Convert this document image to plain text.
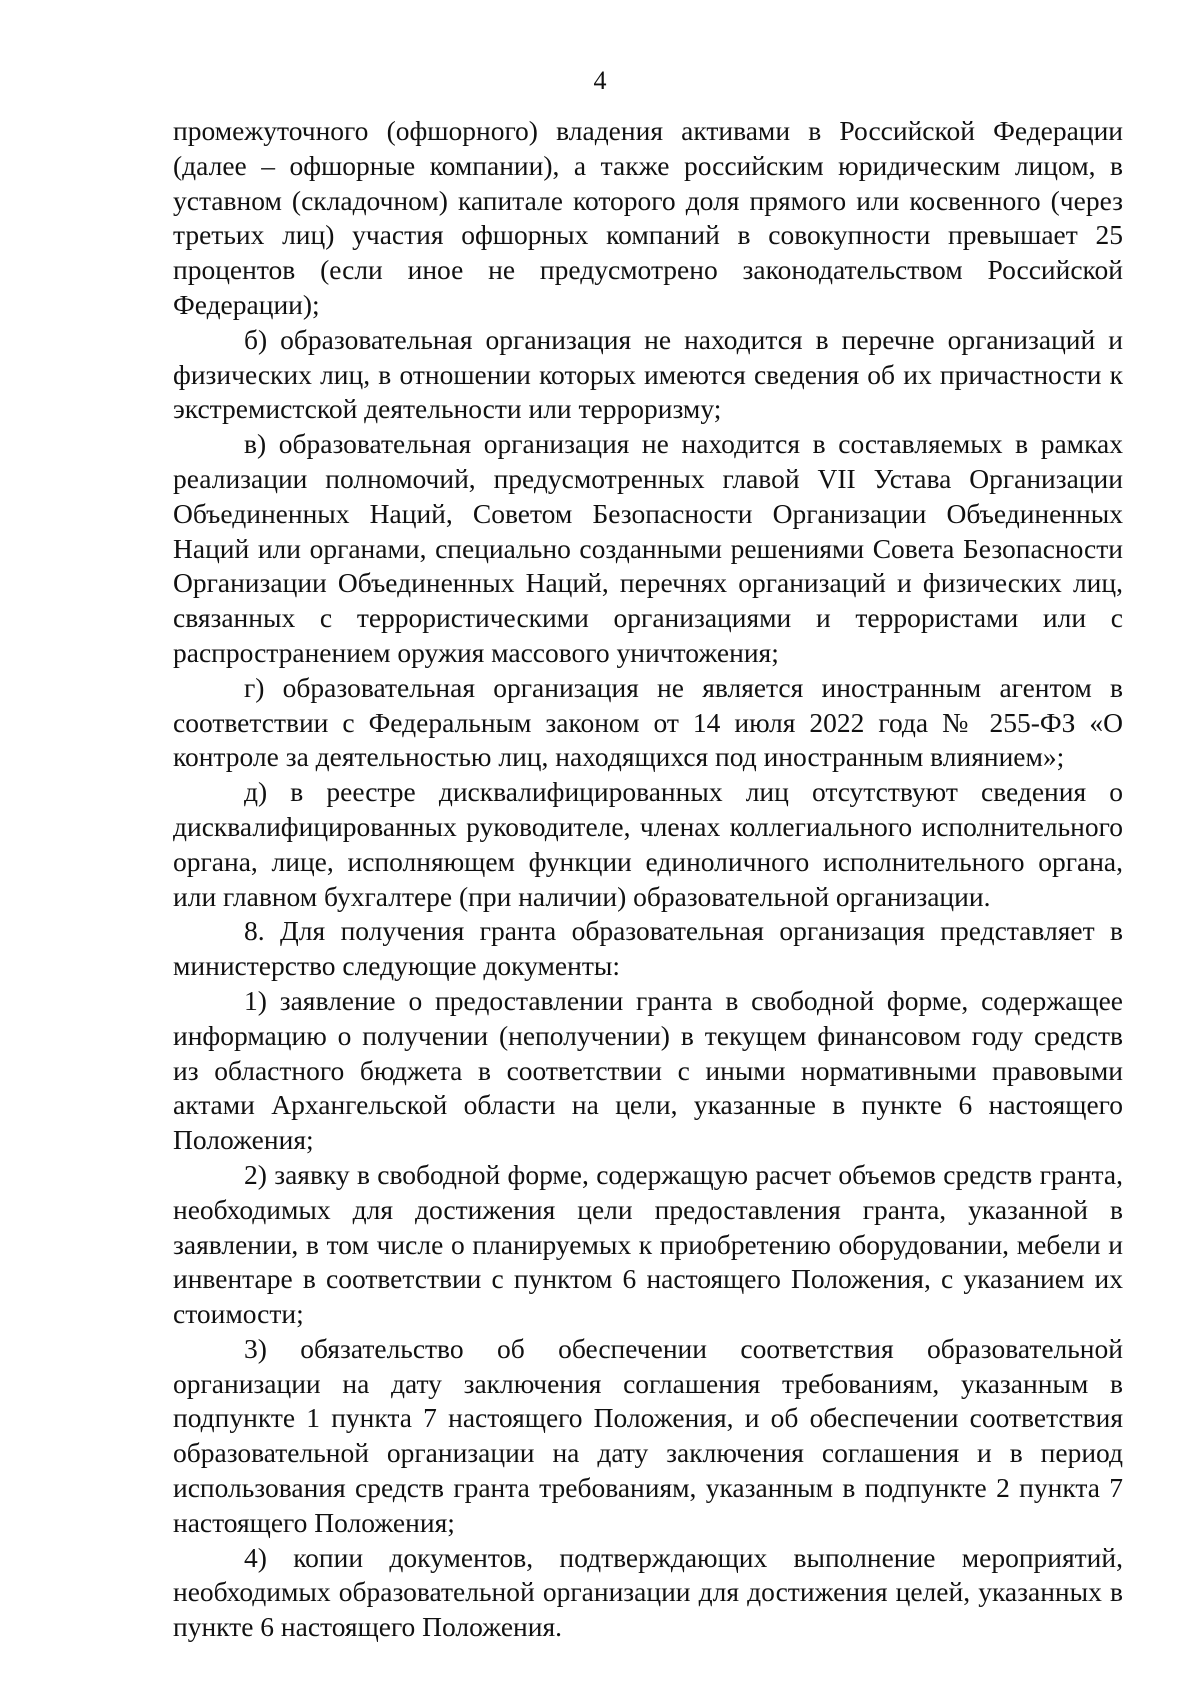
4

промежуточного (офшорного) владения активами в Российской Федерации (далее – офшорные компании), а также российским юридическим лицом, в уставном (складочном) капитале которого доля прямого или косвенного (через третьих лиц) участия офшорных компаний в совокупности превышает 25 процентов (если иное не предусмотрено законодательством Российской Федерации);

б) образовательная организация не находится в перечне организаций и физических лиц, в отношении которых имеются сведения об их причастности к экстремистской деятельности или терроризму;

в) образовательная организация не находится в составляемых в рамках реализации полномочий, предусмотренных главой VII Устава Организации Объединенных Наций, Советом Безопасности Организации Объединенных Наций или органами, специально созданными решениями Совета Безопасности Организации Объединенных Наций, перечнях организаций и физических лиц, связанных с террористическими организациями и террористами или с распространением оружия массового уничтожения;

г) образовательная организация не является иностранным агентом в соответствии с Федеральным законом от 14 июля 2022 года № 255-ФЗ «О контроле за деятельностью лиц, находящихся под иностранным влиянием»;

д) в реестре дисквалифицированных лиц отсутствуют сведения о дисквалифицированных руководителе, членах коллегиального исполнительного органа, лице, исполняющем функции единоличного исполнительного органа, или главном бухгалтере (при наличии) образовательной организации.

8. Для получения гранта образовательная организация представляет в министерство следующие документы:

1) заявление о предоставлении гранта в свободной форме, содержащее информацию о получении (неполучении) в текущем финансовом году средств из областного бюджета в соответствии с иными нормативными правовыми актами Архангельской области на цели, указанные в пункте 6 настоящего Положения;

2) заявку в свободной форме, содержащую расчет объемов средств гранта, необходимых для достижения цели предоставления гранта, указанной в заявлении, в том числе о планируемых к приобретению оборудовании, мебели и инвентаре в соответствии с пунктом 6 настоящего Положения, с указанием их стоимости;

3) обязательство об обеспечении соответствия образовательной организации на дату заключения соглашения требованиям, указанным в подпункте 1 пункта 7 настоящего Положения, и об обеспечении соответствия образовательной организации на дату заключения соглашения и в период использования средств гранта требованиям, указанным в подпункте 2 пункта 7 настоящего Положения;

4) копии документов, подтверждающих выполнение мероприятий, необходимых образовательной организации для достижения целей, указанных в пункте 6 настоящего Положения.
